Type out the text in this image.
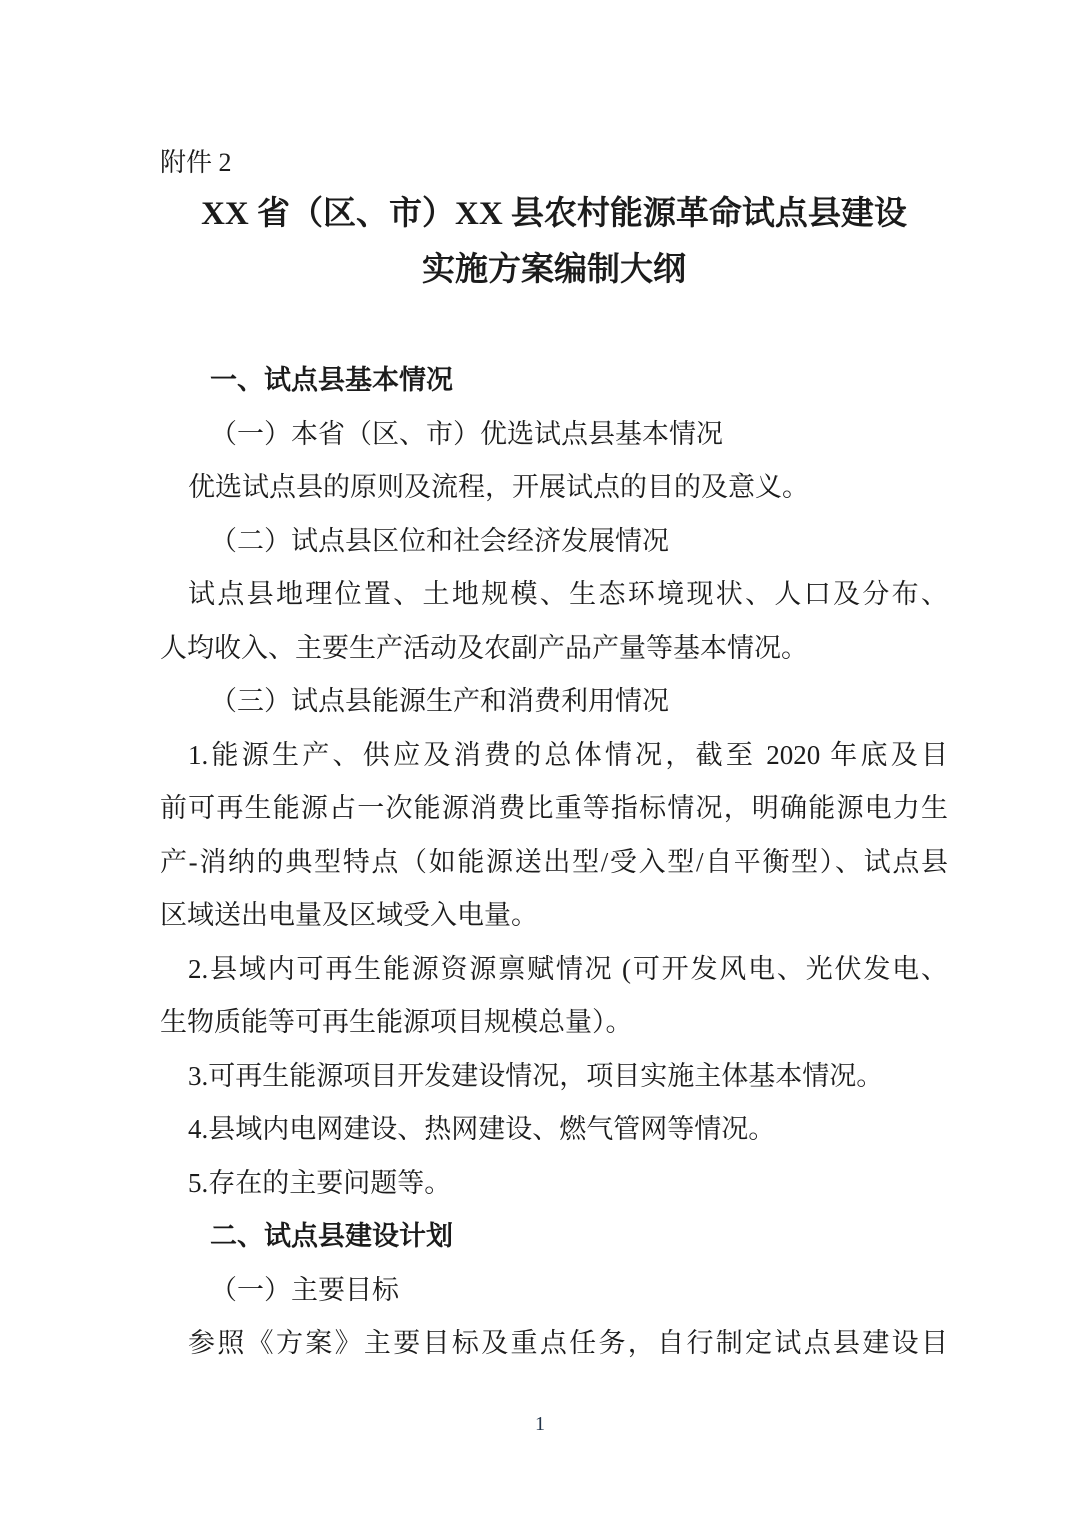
附件 2
XX 省（区、市）XX 县农村能源革命试点县建设
实施方案编制大纲
一、试点县基本情况
（一）本省（区、市）优选试点县基本情况
优选试点县的原则及流程，开展试点的目的及意义。
（二）试点县区位和社会经济发展情况
试点县地理位置、土地规模、生态环境现状、人口及分布、
人均收入、主要生产活动及农副产品产量等基本情况。
（三）试点县能源生产和消费利用情况
1.能源生产、供应及消费的总体情况，截至 2020 年底及目
前可再生能源占一次能源消费比重等指标情况，明确能源电力生
产-消纳的典型特点（如能源送出型/受入型/自平衡型）、试点县
区域送出电量及区域受入电量。
2.县域内可再生能源资源禀赋情况 (可开发风电、光伏发电、
生物质能等可再生能源项目规模总量）。
3.可再生能源项目开发建设情况，项目实施主体基本情况。
4.县域内电网建设、热网建设、燃气管网等情况。
5.存在的主要问题等。
二、试点县建设计划
（一）主要目标
参照《方案》主要目标及重点任务，自行制定试点县建设目
1
